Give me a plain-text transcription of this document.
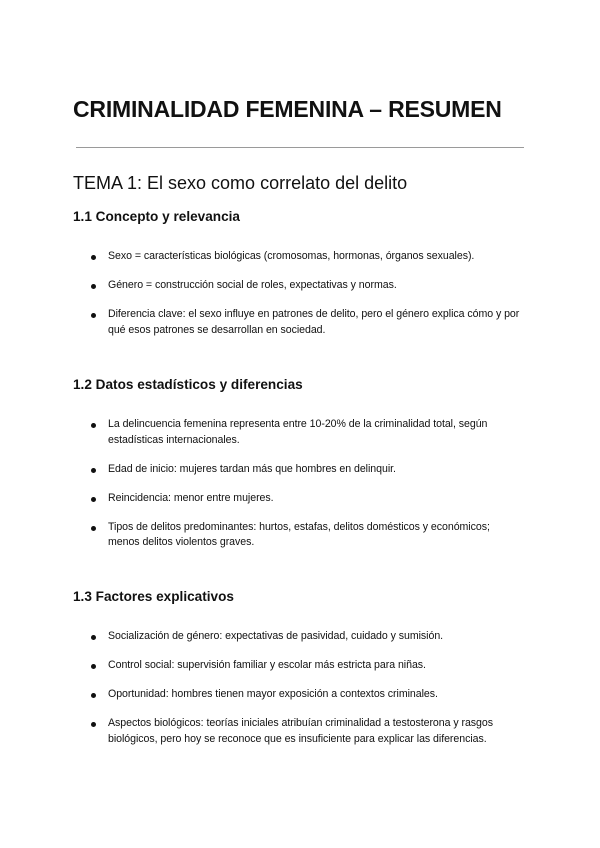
CRIMINALIDAD FEMENINA – RESUMEN
TEMA 1: El sexo como correlato del delito
1.1 Concepto y relevancia
Sexo = características biológicas (cromosomas, hormonas, órganos sexuales).
Género = construcción social de roles, expectativas y normas.
Diferencia clave: el sexo influye en patrones de delito, pero el género explica cómo y por qué esos patrones se desarrollan en sociedad.
1.2 Datos estadísticos y diferencias
La delincuencia femenina representa entre 10-20% de la criminalidad total, según estadísticas internacionales.
Edad de inicio: mujeres tardan más que hombres en delinquir.
Reincidencia: menor entre mujeres.
Tipos de delitos predominantes: hurtos, estafas, delitos domésticos y económicos; menos delitos violentos graves.
1.3 Factores explicativos
Socialización de género: expectativas de pasividad, cuidado y sumisión.
Control social: supervisión familiar y escolar más estricta para niñas.
Oportunidad: hombres tienen mayor exposición a contextos criminales.
Aspectos biológicos: teorías iniciales atribuían criminalidad a testosterona y rasgos biológicos, pero hoy se reconoce que es insuficiente para explicar las diferencias.
